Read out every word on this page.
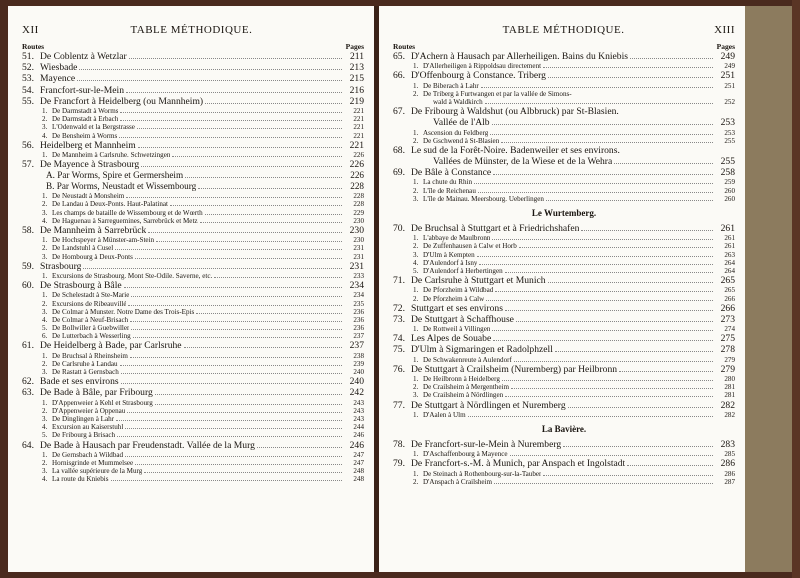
XII	TABLE MÉTHODIQUE.
Routes	Pages
51. De Coblentz à Wetzlar	211
52. Wiesbade	213
53. Mayence	215
54. Francfort-sur-le-Mein	216
55. De Francfort à Heidelberg (ou Mannheim)	219
1. De Darmstadt à Worms	221
2. De Darmstadt à Erbach	221
3. L'Odenwald et la Bergstrasse	221
4. De Bensheim à Worms	221
56. Heidelberg et Mannheim	221
1. De Mannheim à Carlsruhe. Schwetzingen	226
57. De Mayence à Strasbourg	226
A. Par Worms, Spire et Germersheim	226
B. Par Worms, Neustadt et Wissembourg	228
1. De Neustadt à Monsheim	228
2. De Landau à Deux-Ponts. Haut-Palatinat	228
3. Les champs de bataille de Wissembourg et de Wœrth	229
4. De Haguenau à Sarreguemines, Sarrebrück et Metz	230
58. De Mannheim à Sarrebrück	230
1. De Hochspeyer à Münster-am-Stein	230
2. De Landstuhl à Cusel	231
3. De Hombourg à Deux-Ponts	231
59. Strasbourg	231
1. Excursions de Strasbourg. Mont Ste-Odile. Saverne, etc.	233
60. De Strasbourg à Bâle	234
1. De Schelestadt à Ste-Marie	234
2. Excursions de Ribeauvillé	235
3. De Colmar à Munster. Notre Dame des Trois-Epis	236
4. De Colmar à Neuf-Brisach	236
5. De Bollwiller à Guebwiller	236
6. De Lutterbach à Wesserling	237
61. De Heidelberg à Bade, par Carlsruhe	237
1. De Bruchsal à Rheinsheim	238
2. De Carlsruhe à Landau	239
3. De Rastatt à Gernsbach	240
62. Bade et ses environs	240
63. De Bade à Bâle, par Fribourg	242
1. D'Appenweier à Kehl et Strasbourg	243
2. D'Appenweier à Oppenau	243
3. De Dinglingen à Lahr	243
4. Excursion au Kaiserstuhl	244
5. De Fribourg à Brisach	246
64. De Bade à Hausach par Freudenstadt. Vallée de la Murg	246
1. De Gernsbach à Wildbad	247
2. Hornisgrinde et Mummelsee	247
3. La vallée supérieure de la Murg	248
4. La route du Kniebis	248
TABLE MÉTHODIQUE.	XIII
Routes	Pages
65. D'Achern à Hausach par Allerheiligen. Bains du Kniebis	249
1. D'Allerheiligen à Rippoldsau directement	249
66. D'Offenbourg à Constance. Triberg	251
1. De Biberach à Lahr	251
2. De Triberg à Furtwangen et par la vallée de Simons-
wald à Waldkirch	252
67. De Fribourg à Waldshut (ou Albbruck) par St-Blasien.
Vallée de l'Alb	253
1. Ascension du Feldberg	253
2. De Gschwend à St-Blasien	255
68. Le sud de la Forêt-Noire. Badenweiler et ses environs.
Vallées de Münster, de la Wiese et de la Wehra	255
69. De Bâle à Constance	258
1. La chute du Rhin	259
2. L'île de Reichenau	260
3. L'île de Mainau. Meersbourg. Ueberlingen	260
Le Wurtemberg.
70. De Bruchsal à Stuttgart et à Friedrichshafen	261
1. L'abbaye de Maulbronn	261
2. De Zuffenhausen à Calw et Horb	261
3. D'Ulm à Kempten	263
4. D'Aulendorf à Isny	264
5. D'Aulendorf à Herbertingen	264
71. De Carlsruhe à Stuttgart et Munich	265
1. De Pforzheim à Wildbad	265
2. De Pforzheim à Calw	266
72. Stuttgart et ses environs	266
73. De Stuttgart à Schaffhouse	273
1. De Rottweil à Villingen	274
74. Les Alpes de Souabe	275
75. D'Ulm à Sigmaringen et Radolphzell	278
1. De Schwakenreute à Aulendorf	279
76. De Stuttgart à Crailsheim (Nuremberg) par Heilbronn	279
1. De Heilbronn à Heidelberg	280
2. De Crailsheim à Mergentheim	281
3. De Crailsheim à Nördlingen	281
77. De Stuttgart à Nördlingen et Nuremberg	282
1. D'Aalen à Ulm	282
La Bavière.
78. De Francfort-sur-le-Mein à Nuremberg	283
1. D'Aschaffenbourg à Mayence	285
79. De Francfort-s.-M. à Munich, par Anspach et Ingolstadt	286
1. De Steinach à Rothenbourg-sur-la-Tauber	286
2. D'Anspach à Crailsheim	287
